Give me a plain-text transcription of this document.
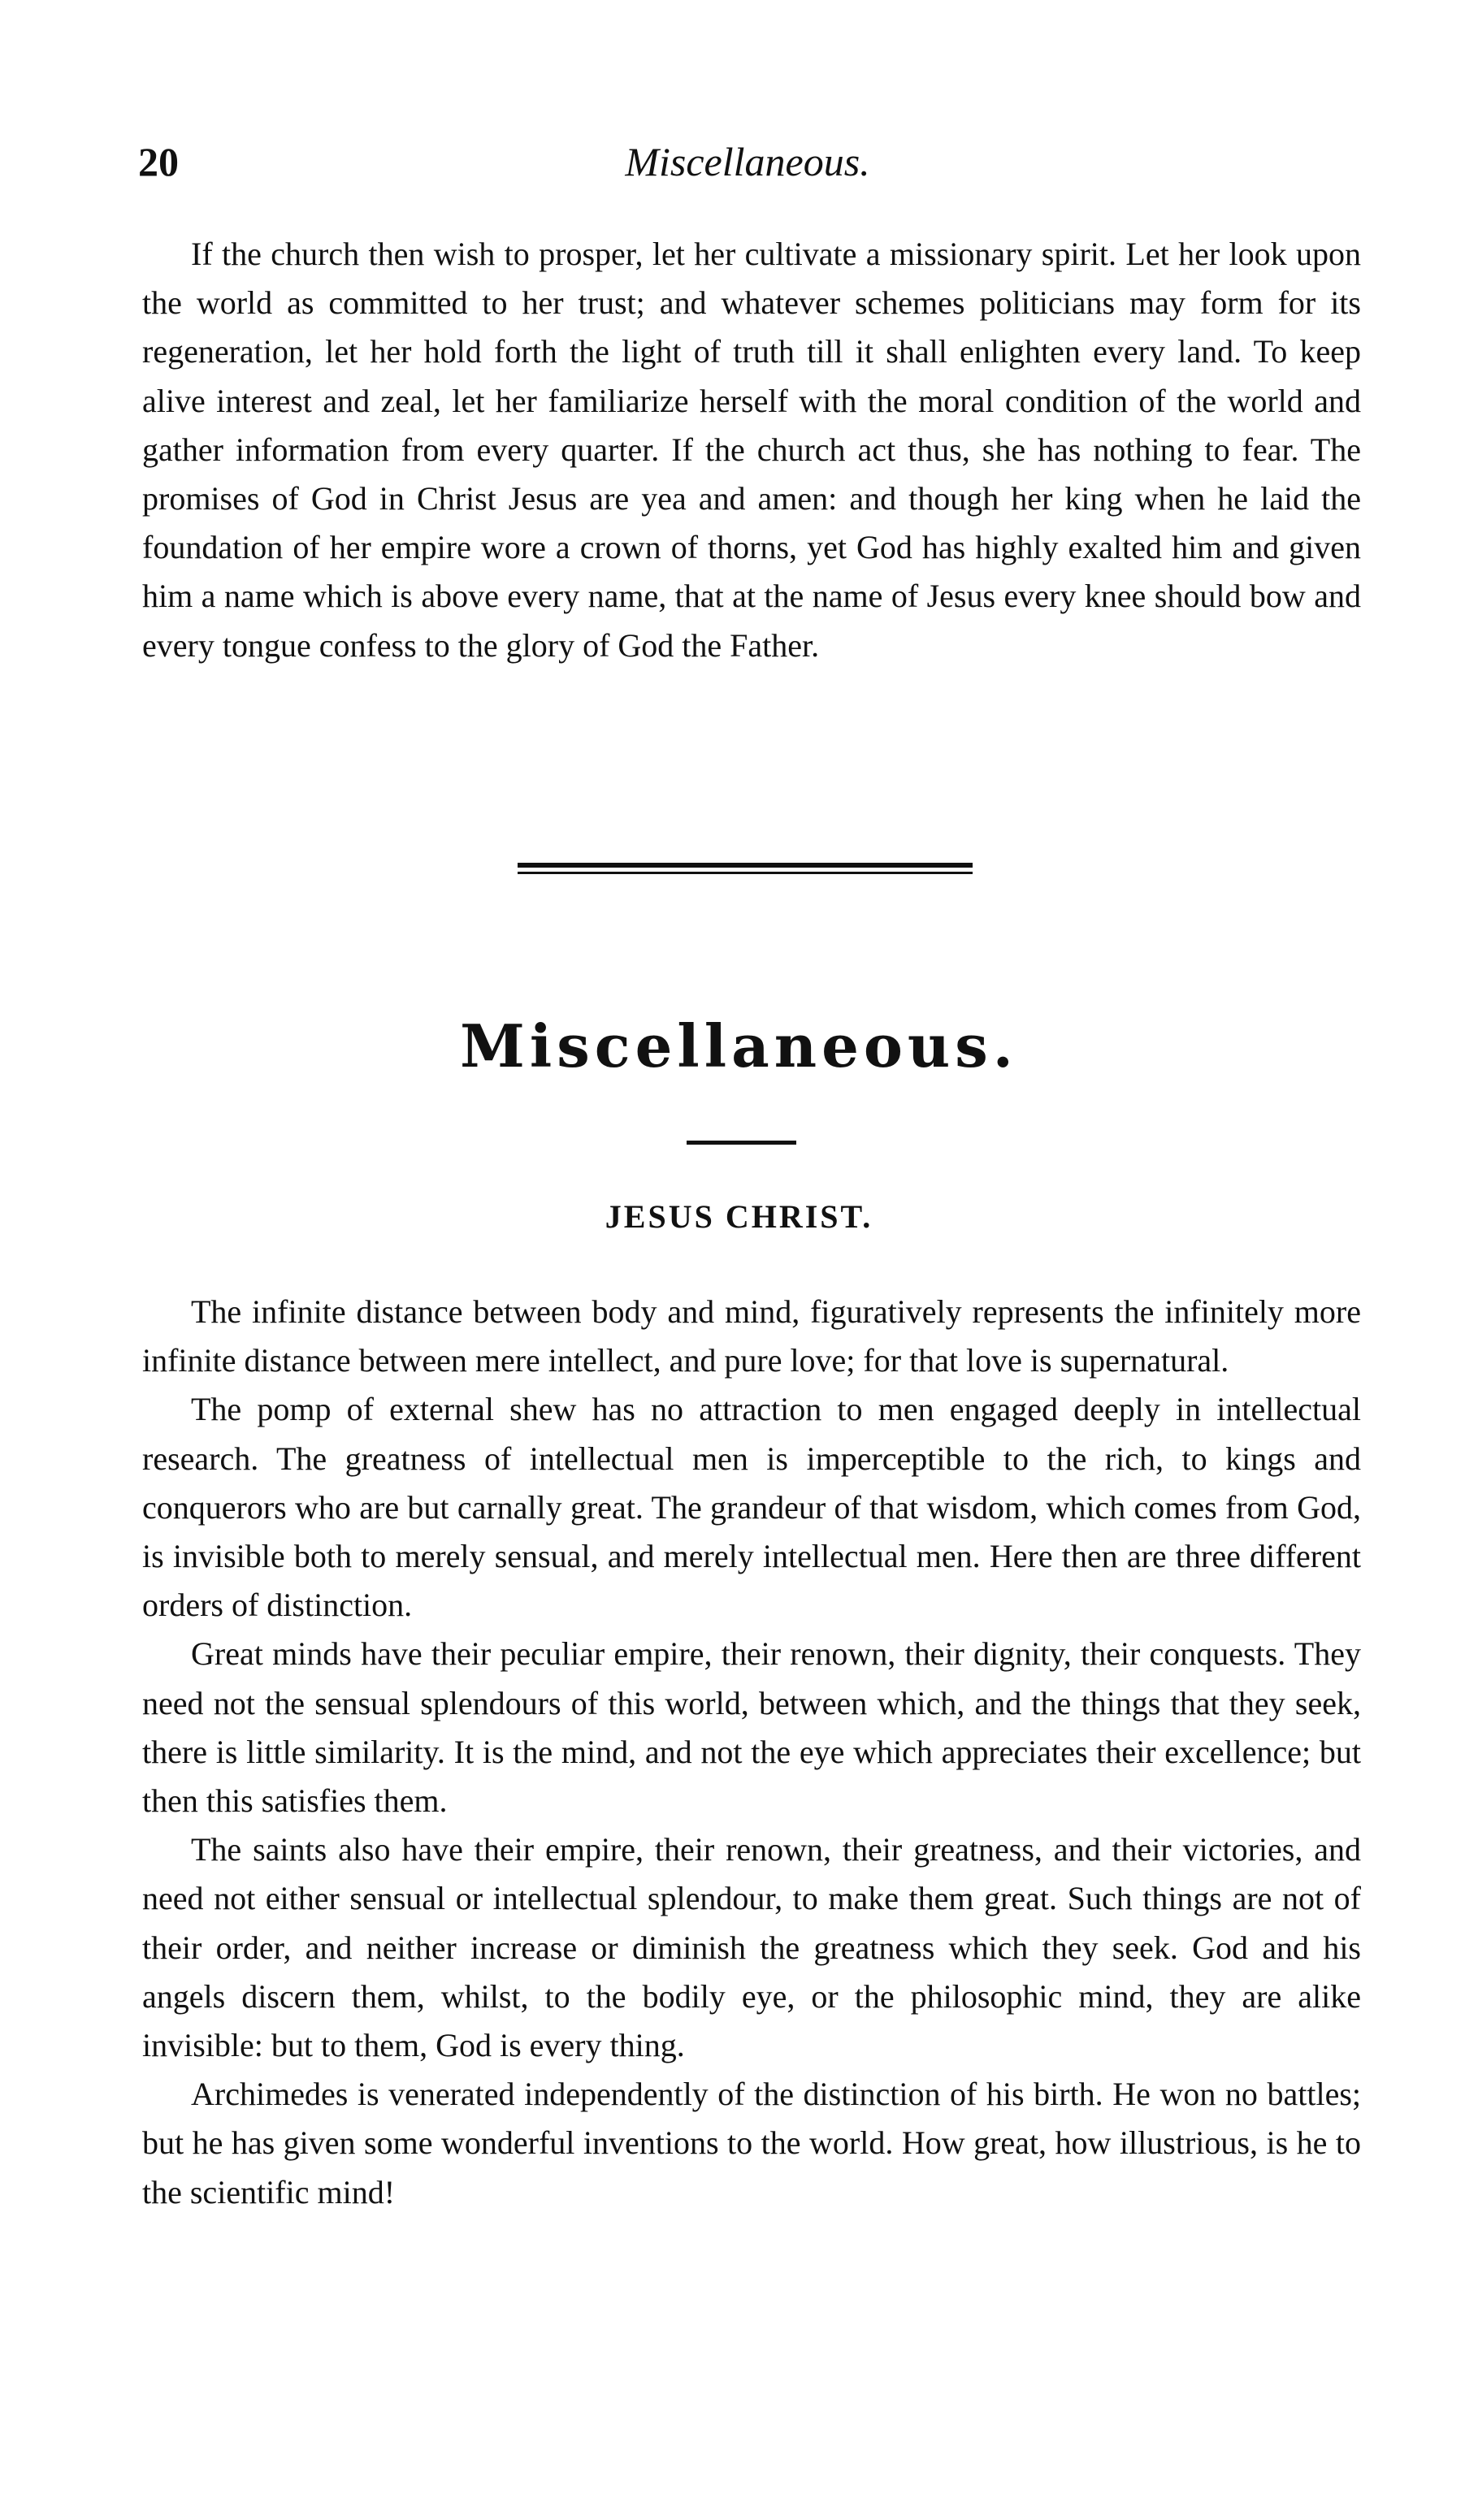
20	Miscellaneous.

If the church then wish to prosper, let her cultivate a missionary spirit. Let her look upon the world as committed to her trust; and whatever schemes politicians may form for its regeneration, let her hold forth the light of truth till it shall enlighten every land. To keep alive interest and zeal, let her familiarize herself with the moral condition of the world and gather information from every quarter. If the church act thus, she has nothing to fear. The promises of God in Christ Jesus are yea and amen: and though her king when he laid the foundation of her empire wore a crown of thorns, yet God has highly exalted him and given him a name which is above every name, that at the name of Jesus every knee should bow and every tongue confess to the glory of God the Father.

Miscellaneous.
JESUS CHRIST.

The infinite distance between body and mind, figuratively represents the infinitely more infinite distance between mere intellect, and pure love; for that love is supernatural.

The pomp of external shew has no attraction to men engaged deeply in intellectual research. The greatness of intellectual men is imperceptible to the rich, to kings and conquerors who are but carnally great. The grandeur of that wisdom, which comes from God, is invisible both to merely sensual, and merely intellectual men. Here then are three different orders of distinction.

Great minds have their peculiar empire, their renown, their dignity, their conquests. They need not the sensual splendours of this world, between which, and the things that they seek, there is little similarity. It is the mind, and not the eye which appreciates their excellence; but then this satisfies them.

The saints also have their empire, their renown, their greatness, and their victories, and need not either sensual or intellectual splendour, to make them great. Such things are not of their order, and neither increase or diminish the greatness which they seek. God and his angels discern them, whilst, to the bodily eye, or the philosophic mind, they are alike invisible: but to them, God is every thing.

Archimedes is venerated independently of the distinction of his birth. He won no battles; but he has given some wonderful inventions to the world. How great, how illustrious, is he to the scientific mind!
